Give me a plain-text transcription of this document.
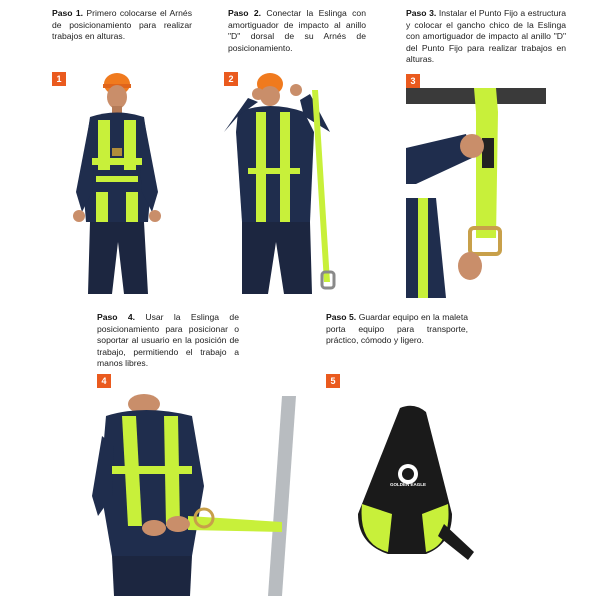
Paso 1. Primero colocarse el Arnés de posicionamiento para realizar trabajos en alturas.
1
Paso 2. Conectar la Eslinga con amortiguador de impacto al anillo "D" dorsal de su Arnés de posicionamiento.
2
Paso 3. Instalar el Punto Fijo a estructura y colocar el gancho chico de la Eslinga con amortiguador de impacto al anillo "D" del Punto Fijo para realizar trabajos en alturas.
3
Paso 4. Usar la Eslinga de posicionamiento para posicionar o soportar al usuario en la posición de trabajo, permitiendo el trabajo a manos libres.
4
Paso 5. Guardar equipo en la maleta porta equipo para transporte, práctico, cómodo y ligero.
5
GOLDEN EAGLE
